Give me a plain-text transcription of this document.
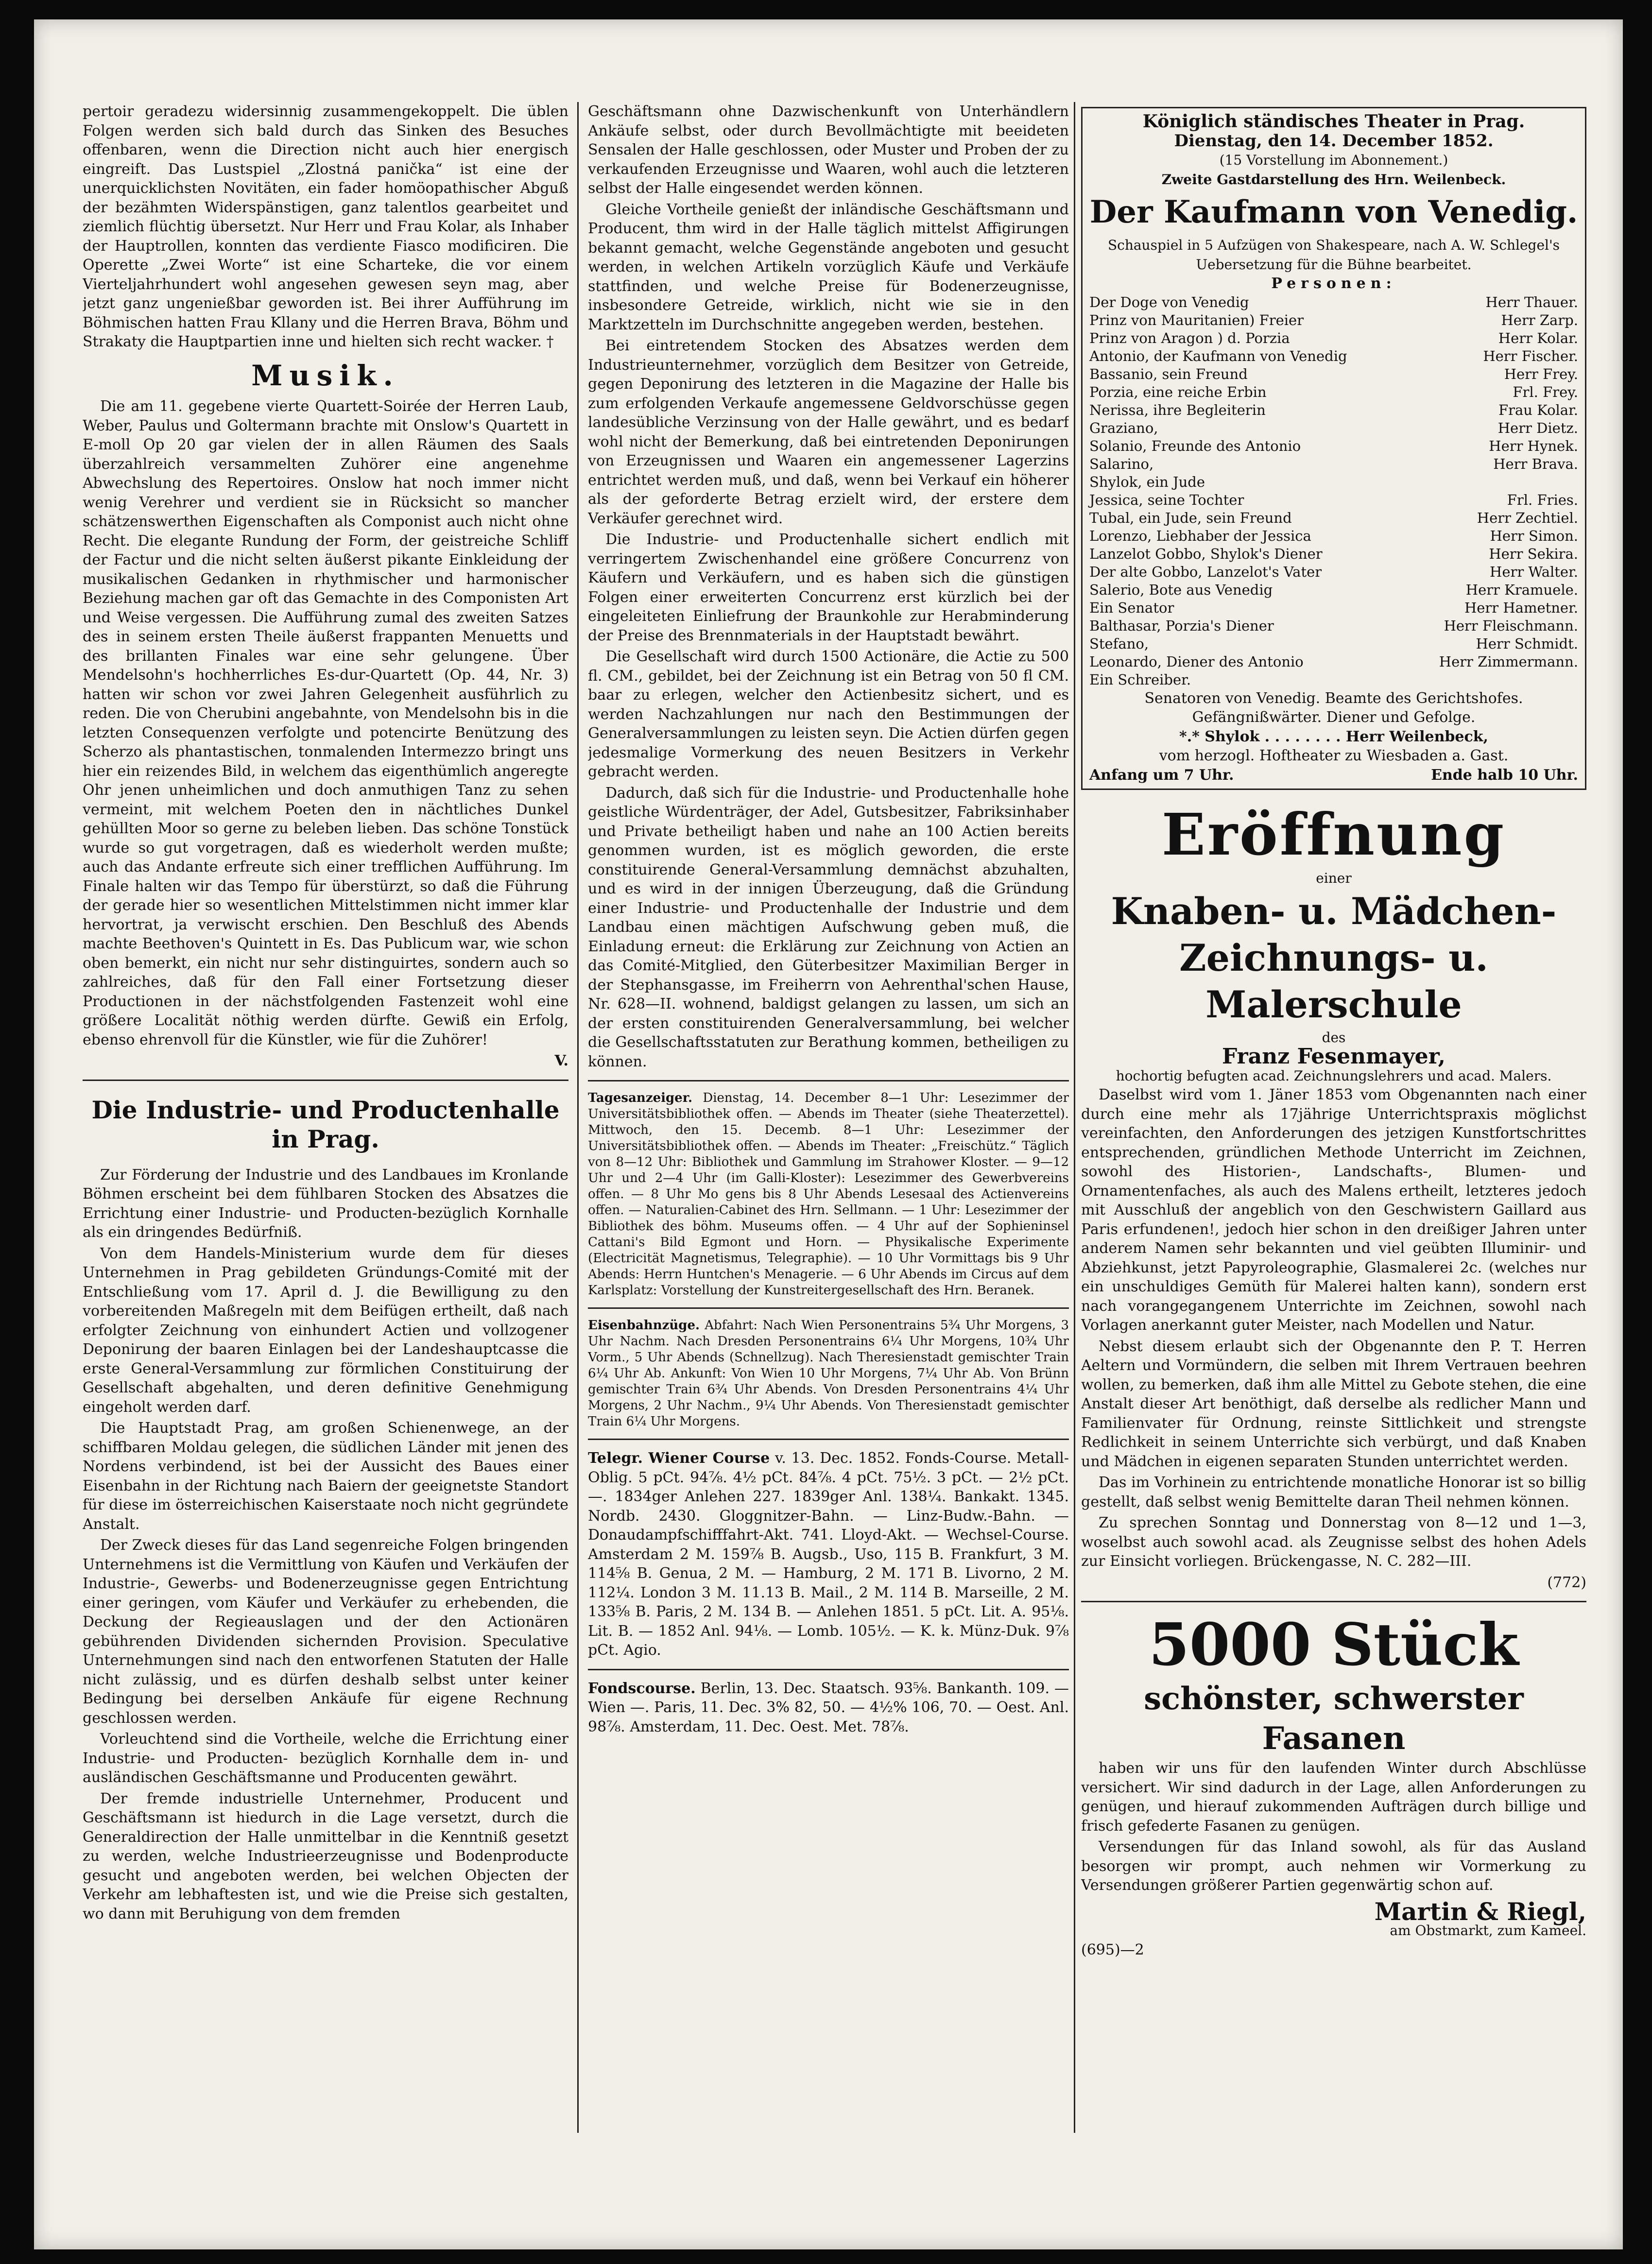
pertoir geradezu widersinnig zusammengekoppelt. Die üblen Folgen werden sich bald durch das Sinken des Besuches offenbaren, wenn die Direction nicht auch hier energisch eingreift. Das Lustspiel „Zlostná panička“ ist eine der unerquicklichsten Novitäten, ein fader homöopathischer Abguß der bezähmten Widerspänstigen, ganz talentlos gearbeitet und ziemlich flüchtig übersetzt. Nur Herr und Frau Kolar, als Inhaber der Hauptrollen, konnten das verdiente Fiasco modificiren. Die Operette „Zwei Worte“ ist eine Scharteke, die vor einem Vierteljahrhundert wohl angesehen gewesen seyn mag, aber jetzt ganz ungenießbar geworden ist. Bei ihrer Aufführung im Böhmischen hatten Frau Kllany und die Herren Brava, Böhm und Strakaty die Hauptpartien inne und hielten sich recht wacker. †

Musik.

Die am 11. gegebene vierte Quartett-Soirée der Herren Laub, Weber, Paulus und Goltermann brachte mit Onslow's Quartett in E-moll Op 20 gar vielen der in allen Räumen des Saals überzahlreich versammelten Zuhörer eine angenehme Abwechslung des Repertoires. Onslow hat noch immer nicht wenig Verehrer und verdient sie in Rücksicht so mancher schätzenswerthen Eigenschaften als Componist auch nicht ohne Recht. Die elegante Rundung der Form, der geistreiche Schliff der Factur und die nicht selten äußerst pikante Einkleidung der musikalischen Gedanken in rhythmischer und harmonischer Beziehung machen gar oft das Gemachte in des Componisten Art und Weise vergessen. Die Aufführung zumal des zweiten Satzes des in seinem ersten Theile äußerst frappanten Menuetts und des brillanten Finales war eine sehr gelungene. Über Mendelsohn's hochherrliches Es-dur-Quartett (Op. 44, Nr. 3) hatten wir schon vor zwei Jahren Gelegenheit ausführlich zu reden. Die von Cherubini angebahnte, von Mendelsohn bis in die letzten Consequenzen verfolgte und potencirte Benützung des Scherzo als phantastischen, tonmalenden Intermezzo bringt uns hier ein reizendes Bild, in welchem das eigenthümlich angeregte Ohr jenen unheimlichen und doch anmuthigen Tanz zu sehen vermeint, mit welchem Poeten den in nächtliches Dunkel gehüllten Moor so gerne zu beleben lieben. Das schöne Tonstück wurde so gut vorgetragen, daß es wiederholt werden mußte; auch das Andante erfreute sich einer trefflichen Aufführung. Im Finale halten wir das Tempo für überstürzt, so daß die Führung der gerade hier so wesentlichen Mittelstimmen nicht immer klar hervortrat, ja verwischt erschien. Den Beschluß des Abends machte Beethoven's Quintett in Es. Das Publicum war, wie schon oben bemerkt, ein nicht nur sehr distinguirtes, sondern auch so zahlreiches, daß für den Fall einer Fortsetzung dieser Productionen in der nächstfolgenden Fastenzeit wohl eine größere Localität nöthig werden dürfte. Gewiß ein Erfolg, ebenso ehrenvoll für die Künstler, wie für die Zuhörer!

V.
Die Industrie- und Productenhalle in Prag.

Zur Förderung der Industrie und des Landbaues im Kronlande Böhmen erscheint bei dem fühlbaren Stocken des Absatzes die Errichtung einer Industrie- und Producten-bezüglich Kornhalle als ein dringendes Bedürfniß.

Von dem Handels-Ministerium wurde dem für dieses Unternehmen in Prag gebildeten Gründungs-Comité mit der Entschließung vom 17. April d. J. die Bewilligung zu den vorbereitenden Maßregeln mit dem Beifügen ertheilt, daß nach erfolgter Zeichnung von einhundert Actien und vollzogener Deponirung der baaren Einlagen bei der Landeshauptcasse die erste General-Versammlung zur förmlichen Constituirung der Gesellschaft abgehalten, und deren definitive Genehmigung eingeholt werden darf.

Die Hauptstadt Prag, am großen Schienenwege, an der schiffbaren Moldau gelegen, die südlichen Länder mit jenen des Nordens verbindend, ist bei der Aussicht des Baues einer Eisenbahn in der Richtung nach Baiern der geeignetste Standort für diese im österreichischen Kaiserstaate noch nicht gegründete Anstalt.

Der Zweck dieses für das Land segenreiche Folgen bringenden Unternehmens ist die Vermittlung von Käufen und Verkäufen der Industrie-, Gewerbs- und Bodenerzeugnisse gegen Entrichtung einer geringen, vom Käufer und Verkäufer zu erhebenden, die Deckung der Regieauslagen und der den Actionären gebührenden Dividenden sichernden Provision. Speculative Unternehmungen sind nach den entworfenen Statuten der Halle nicht zulässig, und es dürfen deshalb selbst unter keiner Bedingung bei derselben Ankäufe für eigene Rechnung geschlossen werden.

Vorleuchtend sind die Vortheile, welche die Errichtung einer Industrie- und Producten- bezüglich Kornhalle dem in- und ausländischen Geschäftsmanne und Producenten gewährt.

Der fremde industrielle Unternehmer, Producent und Geschäftsmann ist hiedurch in die Lage versetzt, durch die Generaldirection der Halle unmittelbar in die Kenntniß gesetzt zu werden, welche Industrieerzeugnisse und Bodenproducte gesucht und angeboten werden, bei welchen Objecten der Verkehr am lebhaftesten ist, und wie die Preise sich gestalten, wo dann mit Beruhigung von dem fremden

Geschäftsmann ohne Dazwischenkunft von Unterhändlern Ankäufe selbst, oder durch Bevollmächtigte mit beeideten Sensalen der Halle geschlossen, oder Muster und Proben der zu verkaufenden Erzeugnisse und Waaren, wohl auch die letzteren selbst der Halle eingesendet werden können.

Gleiche Vortheile genießt der inländische Geschäftsmann und Producent, thm wird in der Halle täglich mittelst Affigirungen bekannt gemacht, welche Gegenstände angeboten und gesucht werden, in welchen Artikeln vorzüglich Käufe und Verkäufe stattfinden, und welche Preise für Bodenerzeugnisse, insbesondere Getreide, wirklich, nicht wie sie in den Marktzetteln im Durchschnitte angegeben werden, bestehen.

Bei eintretendem Stocken des Absatzes werden dem Industrieunternehmer, vorzüglich dem Besitzer von Getreide, gegen Deponirung des letzteren in die Magazine der Halle bis zum erfolgenden Verkaufe angemessene Geldvorschüsse gegen landesübliche Verzinsung von der Halle gewährt, und es bedarf wohl nicht der Bemerkung, daß bei eintretenden Deponirungen von Erzeugnissen und Waaren ein angemessener Lagerzins entrichtet werden muß, und daß, wenn bei Verkauf ein höherer als der geforderte Betrag erzielt wird, der erstere dem Verkäufer gerechnet wird.

Die Industrie- und Productenhalle sichert endlich mit verringertem Zwischenhandel eine größere Concurrenz von Käufern und Verkäufern, und es haben sich die günstigen Folgen einer erweiterten Concurrenz erst kürzlich bei der eingeleiteten Einliefrung der Braunkohle zur Herabminderung der Preise des Brennmaterials in der Hauptstadt bewährt.

Die Gesellschaft wird durch 1500 Actionäre, die Actie zu 500 fl. CM., gebildet, bei der Zeichnung ist ein Betrag von 50 fl CM. baar zu erlegen, welcher den Actienbesitz sichert, und es werden Nachzahlungen nur nach den Bestimmungen der Generalversammlungen zu leisten seyn. Die Actien dürfen gegen jedesmalige Vormerkung des neuen Besitzers in Verkehr gebracht werden.

Dadurch, daß sich für die Industrie- und Productenhalle hohe geistliche Würdenträger, der Adel, Gutsbesitzer, Fabriksinhaber und Private betheiligt haben und nahe an 100 Actien bereits genommen wurden, ist es möglich geworden, die erste constituirende General-Versammlung demnächst abzuhalten, und es wird in der innigen Überzeugung, daß die Gründung einer Industrie- und Productenhalle der Industrie und dem Landbau einen mächtigen Aufschwung geben muß, die Einladung erneut: die Erklärung zur Zeichnung von Actien an das Comité-Mitglied, den Güterbesitzer Maximilian Berger in der Stephansgasse, im Freiherrn von Aehrenthal'schen Hause, Nr. 628—II. wohnend, baldigst gelangen zu lassen, um sich an der ersten constituirenden Generalversammlung, bei welcher die Gesellschaftsstatuten zur Berathung kommen, betheiligen zu können.

Tagesanzeiger. Dienstag, 14. December 8—1 Uhr: Lesezimmer der Universitätsbibliothek offen. — Abends im Theater (siehe Theaterzettel). Mittwoch, den 15. Decemb. 8—1 Uhr: Lesezimmer der Universitätsbibliothek offen. — Abends im Theater: „Freischütz.“ Täglich von 8—12 Uhr: Bibliothek und Gammlung im Strahower Kloster. — 9—12 Uhr und 2—4 Uhr (im Galli-Kloster): Lesezimmer des Gewerbvereins offen. — 8 Uhr Mo gens bis 8 Uhr Abends Lesesaal des Actienvereins offen. — Naturalien-Cabinet des Hrn. Sellmann. — 1 Uhr: Lesezimmer der Bibliothek des böhm. Museums offen. — 4 Uhr auf der Sophieninsel Cattani's Bild Egmont und Horn. — Physikalische Experimente (Electricität Magnetismus, Telegraphie). — 10 Uhr Vormittags bis 9 Uhr Abends: Herrn Huntchen's Menagerie. — 6 Uhr Abends im Circus auf dem Karlsplatz: Vorstellung der Kunstreitergesellschaft des Hrn. Beranek.

Eisenbahnzüge. Abfahrt: Nach Wien Personentrains 5¾ Uhr Morgens, 3 Uhr Nachm. Nach Dresden Personentrains 6¼ Uhr Morgens, 10¾ Uhr Vorm., 5 Uhr Abends (Schnellzug). Nach Theresienstadt gemischter Train 6¼ Uhr Ab. Ankunft: Von Wien 10 Uhr Morgens, 7¼ Uhr Ab. Von Brünn gemischter Train 6¾ Uhr Abends. Von Dresden Personentrains 4¼ Uhr Morgens, 2 Uhr Nachm., 9¼ Uhr Abends. Von Theresienstadt gemischter Train 6¼ Uhr Morgens.

Telegr. Wiener Course v. 13. Dec. 1852. Fonds-Course. Metall-Oblig. 5 pCt. 94⅞. 4½ pCt. 84⅞. 4 pCt. 75½. 3 pCt. — 2½ pCt. —. 1834ger Anlehen 227. 1839ger Anl. 138¼. Bankakt. 1345. Nordb. 2430. Gloggnitzer-Bahn. — Linz-Budw.-Bahn. — Donaudampfschifffahrt-Akt. 741. Lloyd-Akt. — Wechsel-Course. Amsterdam 2 M. 159⅞ B. Augsb., Uso, 115 B. Frankfurt, 3 M. 114⅝ B. Genua, 2 M. — Hamburg, 2 M. 171 B. Livorno, 2 M. 112¼. London 3 M. 11.13 B. Mail., 2 M. 114 B. Marseille, 2 M. 133⅝ B. Paris, 2 M. 134 B. — Anlehen 1851. 5 pCt. Lit. A. 95⅛. Lit. B. — 1852 Anl. 94⅛. — Lomb. 105½. — K. k. Münz-Duk. 9⅞ pCt. Agio.

Fondscourse. Berlin, 13. Dec. Staatsch. 93⅝. Bankanth. 109. — Wien —. Paris, 11. Dec. 3% 82, 50. — 4½% 106, 70. — Oest. Anl. 98⅞. Amsterdam, 11. Dec. Oest. Met. 78⅞.

Königlich ständisches Theater in Prag.
Dienstag, den 14. December 1852.
(15 Vorstellung im Abonnement.)
Zweite Gastdarstellung des Hrn. Weilenbeck.
Der Kaufmann von Venedig.
Schauspiel in 5 Aufzügen von Shakespeare, nach A. W. Schlegel's Uebersetzung für die Bühne bearbeitet.
Personen:
Der Doge von Venedig	Herr Thauer.
Prinz von Mauritanien) Freier	Herr Zarp.
Prinz von Aragon ) d. Porzia	Herr Kolar.
Antonio, der Kaufmann von Venedig	Herr Fischer.
Bassanio, sein Freund	Herr Frey.
Porzia, eine reiche Erbin	Frl. Frey.
Nerissa, ihre Begleiterin	Frau Kolar.
Graziano,	Herr Dietz.
Solanio, Freunde des Antonio	Herr Hynek.
Salarino,	Herr Brava.
Shylok, ein Jude
Jessica, seine Tochter	Frl. Fries.
Tubal, ein Jude, sein Freund	Herr Zechtiel.
Lorenzo, Liebhaber der Jessica	Herr Simon.
Lanzelot Gobbo, Shylok's Diener	Herr Sekira.
Der alte Gobbo, Lanzelot's Vater	Herr Walter.
Salerio, Bote aus Venedig	Herr Kramuele.
Ein Senator	Herr Hametner.
Balthasar, Porzia's Diener	Herr Fleischmann.
Stefano,	Herr Schmidt.
Leonardo, Diener des Antonio	Herr Zimmermann.
Ein Schreiber.
Senatoren von Venedig. Beamte des Gerichtshofes.
Gefängnißwärter. Diener und Gefolge.
*.* Shylok . . . . . . . . Herr Weilenbeck,
vom herzogl. Hoftheater zu Wiesbaden a. Gast.
Anfang um 7 Uhr.	Ende halb 10 Uhr.
Eröffnung
einer
Knaben- u. Mädchen-
Zeichnungs- u. Malerschule
des
Franz Fesenmayer,
hochortig befugten acad. Zeichnungslehrers und acad. Malers.

Daselbst wird vom 1. Jäner 1853 vom Obgenannten nach einer durch eine mehr als 17jährige Unterrichtspraxis möglichst vereinfachten, den Anforderungen des jetzigen Kunstfortschrittes entsprechenden, gründlichen Methode Unterricht im Zeichnen, sowohl des Historien-, Landschafts-, Blumen- und Ornamentenfaches, als auch des Malens ertheilt, letzteres jedoch mit Ausschluß der angeblich von den Geschwistern Gaillard aus Paris erfundenen!, jedoch hier schon in den dreißiger Jahren unter anderem Namen sehr bekannten und viel geübten Illuminir- und Abziehkunst, jetzt Papyroleographie, Glasmalerei 2c. (welches nur ein unschuldiges Gemüth für Malerei halten kann), sondern erst nach vorangegangenem Unterrichte im Zeichnen, sowohl nach Vorlagen anerkannt guter Meister, nach Modellen und Natur.

Nebst diesem erlaubt sich der Obgenannte den P. T. Herren Aeltern und Vormündern, die selben mit Ihrem Vertrauen beehren wollen, zu bemerken, daß ihm alle Mittel zu Gebote stehen, die eine Anstalt dieser Art benöthigt, daß derselbe als redlicher Mann und Familienvater für Ordnung, reinste Sittlichkeit und strengste Redlichkeit in seinem Unterrichte sich verbürgt, und daß Knaben und Mädchen in eigenen separaten Stunden unterrichtet werden.

Das im Vorhinein zu entrichtende monatliche Honorar ist so billig gestellt, daß selbst wenig Bemittelte daran Theil nehmen können.

Zu sprechen Sonntag und Donnerstag von 8—12 und 1—3, woselbst auch sowohl acad. als Zeugnisse selbst des hohen Adels zur Einsicht vorliegen. Brückengasse, N. C. 282—III.

(772)
5000 Stück
schönster, schwerster Fasanen

haben wir uns für den laufenden Winter durch Abschlüsse versichert. Wir sind dadurch in der Lage, allen Anforderungen zu genügen, und hierauf zukommenden Aufträgen durch billige und frisch gefederte Fasanen zu genügen.

Versendungen für das Inland sowohl, als für das Ausland besorgen wir prompt, auch nehmen wir Vormerkung zu Versendungen größerer Partien gegenwärtig schon auf.

Martin & Riegl,
am Obstmarkt, zum Kameel.
(695)—2
